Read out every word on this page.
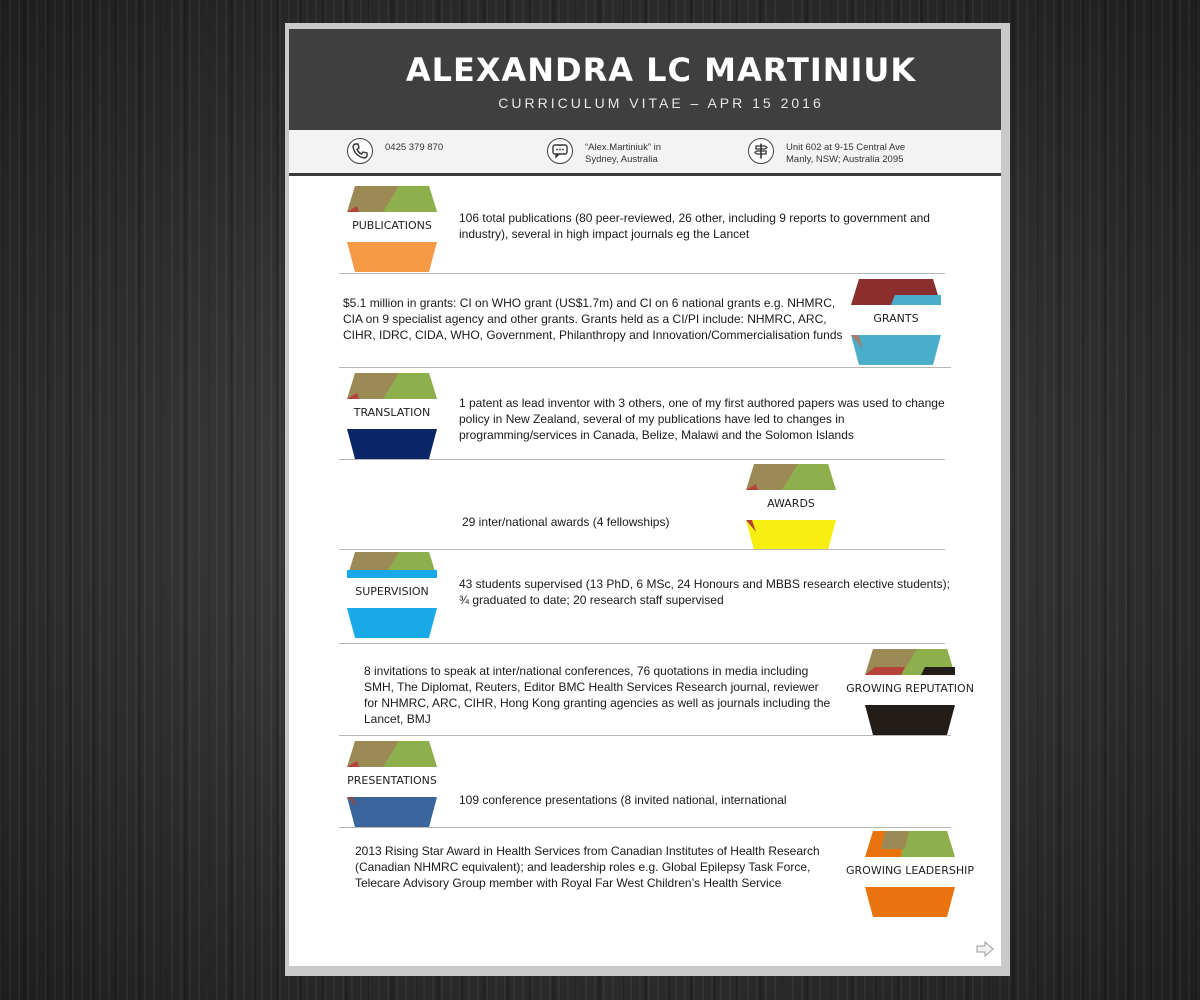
ALEXANDRA LC MARTINIUK
CURRICULUM VITAE – APR 15 2016
0425 379 870	“Alex.Martiniuk” in
Sydney, Australia
Unit 602 at 9-15 Central Ave
Manly, NSW; Australia 2095
PUBLICATIONS
106 total publications (80 peer-reviewed, 26 other, including 9 reports to government and industry), several in high impact journals eg the Lancet
$5.1 million in grants: CI on WHO grant (US$1.7m) and CI on 6 national grants e.g. NHMRC, CIA on 9 specialist agency and other grants. Grants held as a CI/PI include: NHMRC, ARC, CIHR, IDRC, CIDA, WHO, Government, Philanthropy and Innovation/Commercialisation funds
GRANTS
TRANSLATION
1 patent as lead inventor with 3 others, one of my first authored papers was used to change policy in New Zealand, several of my publications have led to changes in programming/services in Canada, Belize, Malawi and the Solomon Islands
29 inter/national awards (4 fellowships)
AWARDS
SUPERVISION
43 students supervised (13 PhD, 6 MSc, 24 Honours and MBBS research elective students); ¾ graduated to date; 20 research staff supervised
8 invitations to speak at inter/national conferences, 76 quotations in media including SMH, The Diplomat, Reuters, Editor BMC Health Services Research journal, reviewer for NHMRC, ARC, CIHR, Hong Kong granting agencies as well as journals including the Lancet, BMJ
GROWING REPUTATION
PRESENTATIONS
109 conference presentations (8 invited national, international
2013 Rising Star Award in Health Services from Canadian Institutes of Health Research (Canadian NHMRC equivalent); and leadership roles e.g. Global Epilepsy Task Force, Telecare Advisory Group member with Royal Far West Children’s Health Service
GROWING LEADERSHIP
